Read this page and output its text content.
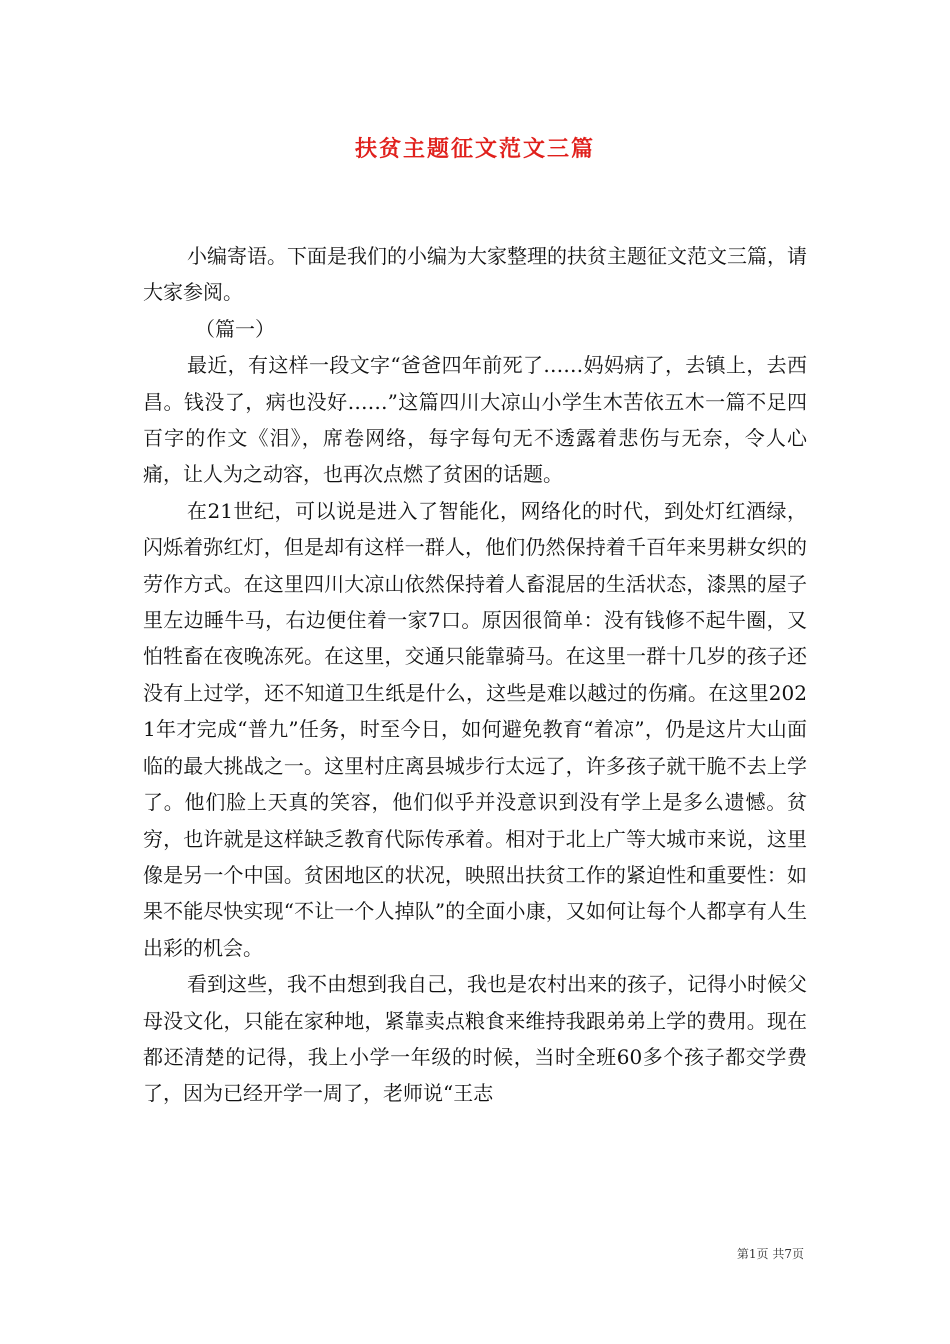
扶贫主题征文范文三篇

小编寄语。下面是我们的小编为大家整理的扶贫主题征文范文三篇，请大家参阅。

（篇一）

最近，有这样一段文字“爸爸四年前死了……妈妈病了，去镇上，去西昌。钱没了，病也没好……”这篇四川大凉山小学生木苦依五木一篇不足四百字的作文《泪》，席卷网络，每字每句无不透露着悲伤与无奈，令人心痛，让人为之动容，也再次点燃了贫困的话题。

在21世纪，可以说是进入了智能化，网络化的时代，到处灯红酒绿，闪烁着弥红灯，但是却有这样一群人，他们仍然保持着千百年来男耕女织的劳作方式。在这里四川大凉山依然保持着人畜混居的生活状态，漆黑的屋子里左边睡牛马，右边便住着一家7口。原因很简单：没有钱修不起牛圈，又怕牲畜在夜晚冻死。在这里，交通只能靠骑马。在这里一群十几岁的孩子还没有上过学，还不知道卫生纸是什么，这些是难以越过的伤痛。在这里2021年才完成“普九”任务，时至今日，如何避免教育“着凉”，仍是这片大山面临的最大挑战之一。这里村庄离县城步行太远了，许多孩子就干脆不去上学了。他们脸上天真的笑容，他们似乎并没意识到没有学上是多么遗憾。贫穷，也许就是这样缺乏教育代际传承着。相对于北上广等大城市来说，这里像是另一个中国。贫困地区的状况，映照出扶贫工作的紧迫性和重要性：如果不能尽快实现“不让一个人掉队”的全面小康，又如何让每个人都享有人生出彩的机会。

看到这些，我不由想到我自己，我也是农村出来的孩子，记得小时候父母没文化，只能在家种地，紧靠卖点粮食来维持我跟弟弟上学的费用。现在都还清楚的记得，我上小学一年级的时候，当时全班60多个孩子都交学费了，因为已经开学一周了，老师说“王志

第1页 共7页
